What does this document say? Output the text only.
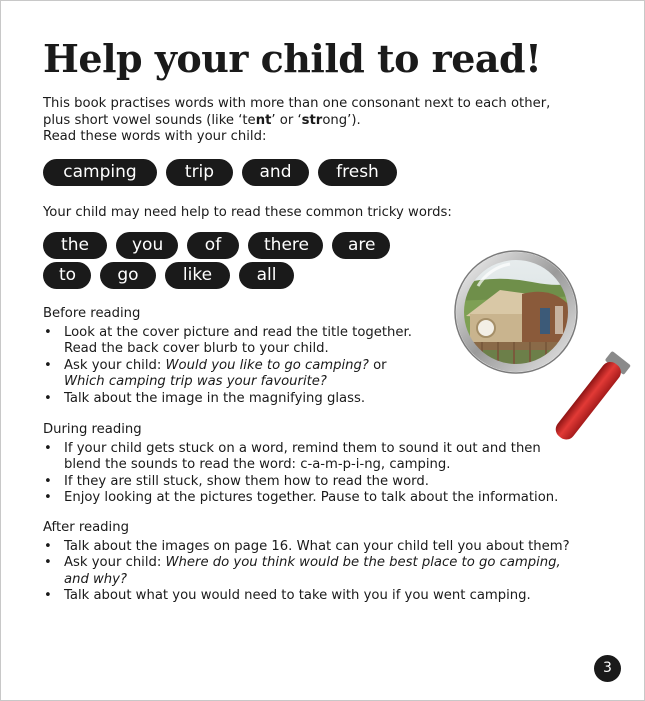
Help your child to read!

This book practises words with more than one consonant next to each other,

plus short vowel sounds (like ‘tent’ or ‘strong’).

Read these words with your child:

camping	trip	and	fresh

Your child may need help to read these common tricky words:

the	you	of	there	are
to	go	like	all
Before reading
• Look at the cover picture and read the title together.
Read the back cover blurb to your child.
• Ask your child: Would you like to go camping? or
Which camping trip was your favourite?
• Talk about the image in the magnifying glass.
During reading
• If your child gets stuck on a word, remind them to sound it out and then
blend the sounds to read the word: c-a-m-p-i-ng, camping.
• If they are still stuck, show them how to read the word.
• Enjoy looking at the pictures together. Pause to talk about the information.
After reading
• Talk about the images on page 16. What can your child tell you about them?
• Ask your child: Where do you think would be the best place to go camping,
and why?
• Talk about what you would need to take with you if you went camping.
3
